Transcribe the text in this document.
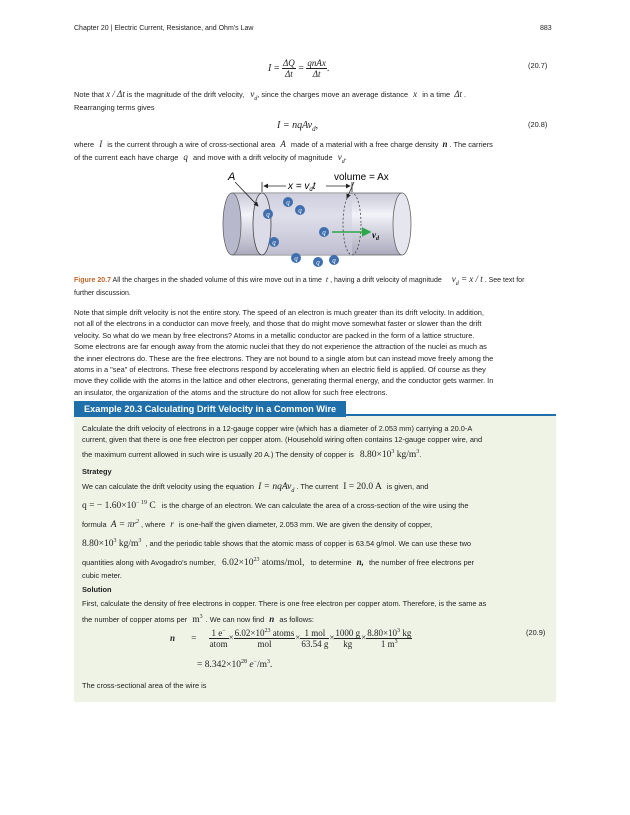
Chapter 20 | Electric Current, Resistance, and Ohm's Law	883
$I = \frac{\Delta Q}{\Delta t} = \frac{\text{qnAx}}{\Delta t}$ .	(20.7)
Note that x / Δt is the magnitude of the drift velocity, $v_d$, since the charges move an average distance x in a time Δt .
Rearranging terms gives
I = nqAv$_d$,	(20.8)
where I is the current through a wire of cross-sectional area A made of a material with a free charge density n . The carriers
of the current each have charge q and move with a drift velocity of magnitude $v_d$.
A
$x = v_dt$
volume = Ax
q
q
q
q
q	q q
q	$v_d$
Figure 20.7 All the charges in the shaded volume of this wire move out in a time t , having a drift velocity of magnitude $v_d = x / t$ . See text for
further discussion.
Note that simple drift velocity is not the entire story. The speed of an electron is much greater than its drift velocity. In addition,
not all of the electrons in a conductor can move freely, and those that do might move somewhat faster or slower than the drift
velocity. So what do we mean by free electrons? Atoms in a metallic conductor are packed in the form of a lattice structure.
Some electrons are far enough away from the atomic nuclei that they do not experience the attraction of the nuclei as much as
the inner electrons do. These are the free electrons. They are not bound to a single atom but can instead move freely among the
atoms in a "sea" of electrons. These free electrons respond by accelerating when an electric field is applied. Of course as they
move they collide with the atoms in the lattice and other electrons, generating thermal energy, and the conductor gets warmer. In
an insulator, the organization of the atoms and the structure do not allow for such free electrons.
Example 20.3 Calculating Drift Velocity in a Common Wire
Calculate the drift velocity of electrons in a 12-gauge copper wire (which has a diameter of 2.053 mm) carrying a 20.0-A
current, given that there is one free electron per copper atom. (Household wiring often contains 12-gauge copper wire, and
the maximum current allowed in such wire is usually 20 A.) The density of copper is $8.80\times 10^3$ $kg/m^3$.
Strategy
We can calculate the drift velocity using the equation I = nqAv$_d$ . The current I = 20.0 A is given, and
q = − $1.60\times 10^{- 19}$ C is the charge of an electron. We can calculate the area of a cross-section of the wire using the
formula $A = \pi r^2$ , where r is one-half the given diameter, 2.053 mm. We are given the density of copper,
$8.80\times 10^3$ $kg/m^3$ , and the periodic table shows that the atomic mass of copper is 63.54 g/mol. We can use these two
quantities along with Avogadro's number, $6.02\times 10^{23}$ atoms/mol, to determine n, the number of free electrons per
cubic meter.
Solution
First, calculate the density of free electrons in copper. There is one free electron per copper atom. Therefore, is the same as
the number of copper atoms per $m^3$ . We can now find n as follows:
$n = \frac{1 e^-}{\text{atom}} \times \frac{6.02\times 10^{23} atoms}{\text{mol}} \times \frac{\text{1 mol}}{63.54 g} \times \frac{1000 g}{kg} \times \frac{8.80\times 10^3 kg}{1 m^3}$	(20.9)
= $8.342\times 10^{28}$ $e^-/m^3$.
The cross-sectional area of the wire is
